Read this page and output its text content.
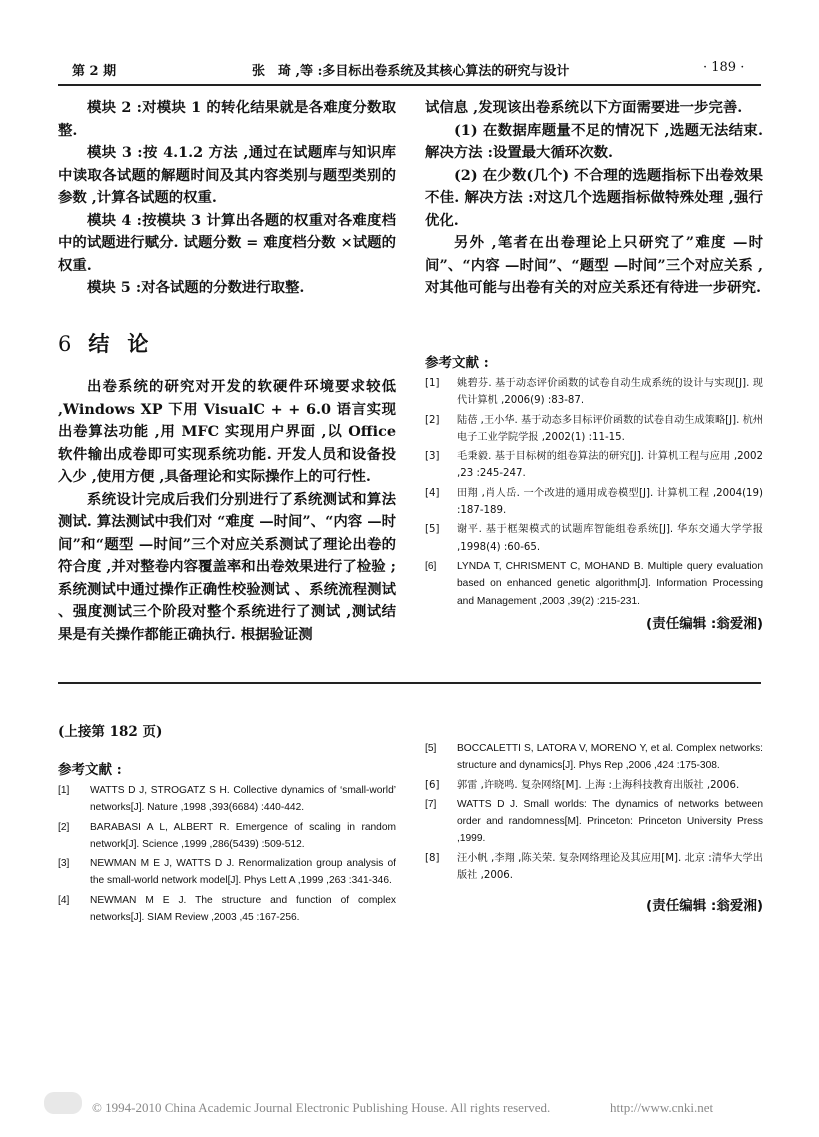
第 2 期	张　琦 ,等 :多目标出卷系统及其核心算法的研究与设计	· 189 ·

模块 2 :对模块 1 的转化结果就是各难度分数取整.

模块 3 :按 4.1.2 方法 ,通过在试题库与知识库中读取各试题的解题时间及其内容类别与题型类别的参数 ,计算各试题的权重.

模块 4 :按模块 3 计算出各题的权重对各难度档中的试题进行赋分. 试题分数 = 难度档分数 ×试题的权重.

模块 5 :对各试题的分数进行取整.

6 结论

出卷系统的研究对开发的软硬件环境要求较低 ,Windows XP 下用 VisualC + + 6.0 语言实现出卷算法功能 ,用 MFC 实现用户界面 ,以 Office 软件输出成卷即可实现系统功能. 开发人员和设备投入少 ,使用方便 ,具备理论和实际操作上的可行性.

系统设计完成后我们分别进行了系统测试和算法测试. 算法测试中我们对 “难度 —时间”、“内容 —时间”和“题型 —时间”三个对应关系测试了理论出卷的符合度 ,并对整卷内容覆盖率和出卷效果进行了检验 ;系统测试中通过操作正确性校验测试 、系统流程测试 、强度测试三个阶段对整个系统进行了测试 ,测试结果是有关操作都能正确执行. 根据验证测

试信息 ,发现该出卷系统以下方面需要进一步完善.

(1) 在数据库题量不足的情况下 ,选题无法结束. 解决方法 :设置最大循环次数.

(2) 在少数(几个) 不合理的选题指标下出卷效果不佳. 解决方法 :对这几个选题指标做特殊处理 ,强行优化.

另外 ,笔者在出卷理论上只研究了”难度 —时间”、“内容 —时间”、“题型 —时间”三个对应关系 ,对其他可能与出卷有关的对应关系还有待进一步研究.

参考文献 :

[1] 姚碧芬. 基于动态评价函数的试卷自动生成系统的设计与实现[J]. 现代计算机 ,2006(9) :83-87.
[2] 陆蓓 ,王小华. 基于动态多目标评价函数的试卷自动生成策略[J]. 杭州电子工业学院学报 ,2002(1) :11-15.
[3] 毛秉毅. 基于目标树的组卷算法的研究[J]. 计算机工程与应用 ,2002 ,23 :245-247.
[4] 田翔 ,肖人岳. 一个改进的通用成卷模型[J]. 计算机工程 ,2004(19) :187-189.
[5] 谢平. 基于框架模式的试题库智能组卷系统[J]. 华东交通大学学报 ,1998(4) :60-65.
[6] LYNDA T, CHRISMENT C, MOHAND B. Multiple query evaluation based on enhanced genetic algorithm[J]. Information Processing and Management ,2003 ,39(2) :215-231.
(责任编辑 :翁爱湘)
(上接第 182 页)

参考文献 :

[1] WATTS D J, STROGATZ S H. Collective dynamics of ‘small-world’ networks[J]. Nature ,1998 ,393(6684) :440-442.
[2] BARABASI A L, ALBERT R. Emergence of scaling in random network[J]. Science ,1999 ,286(5439) :509-512.
[3] NEWMAN M E J, WATTS D J. Renormalization group analysis of the small-world network model[J]. Phys Lett A ,1999 ,263 :341-346.
[4] NEWMAN M E J. The structure and function of complex networks[J]. SIAM Review ,2003 ,45 :167-256.
[5] BOCCALETTI S, LATORA V, MORENO Y, et al. Complex networks: structure and dynamics[J]. Phys Rep ,2006 ,424 :175-308.
[6] 郭雷 ,许晓鸣. 复杂网络[M]. 上海 :上海科技教育出版社 ,2006.
[7] WATTS D J. Small worlds: The dynamics of networks between order and randomness[M]. Princeton: Princeton University Press ,1999.
[8] 汪小帆 ,李翔 ,陈关荣. 复杂网络理论及其应用[M]. 北京 :清华大学出版社 ,2006.
(责任编辑 :翁爱湘)
© 1994-2010 China Academic Journal Electronic Publishing House. All rights reserved.	http://www.cnki.net
